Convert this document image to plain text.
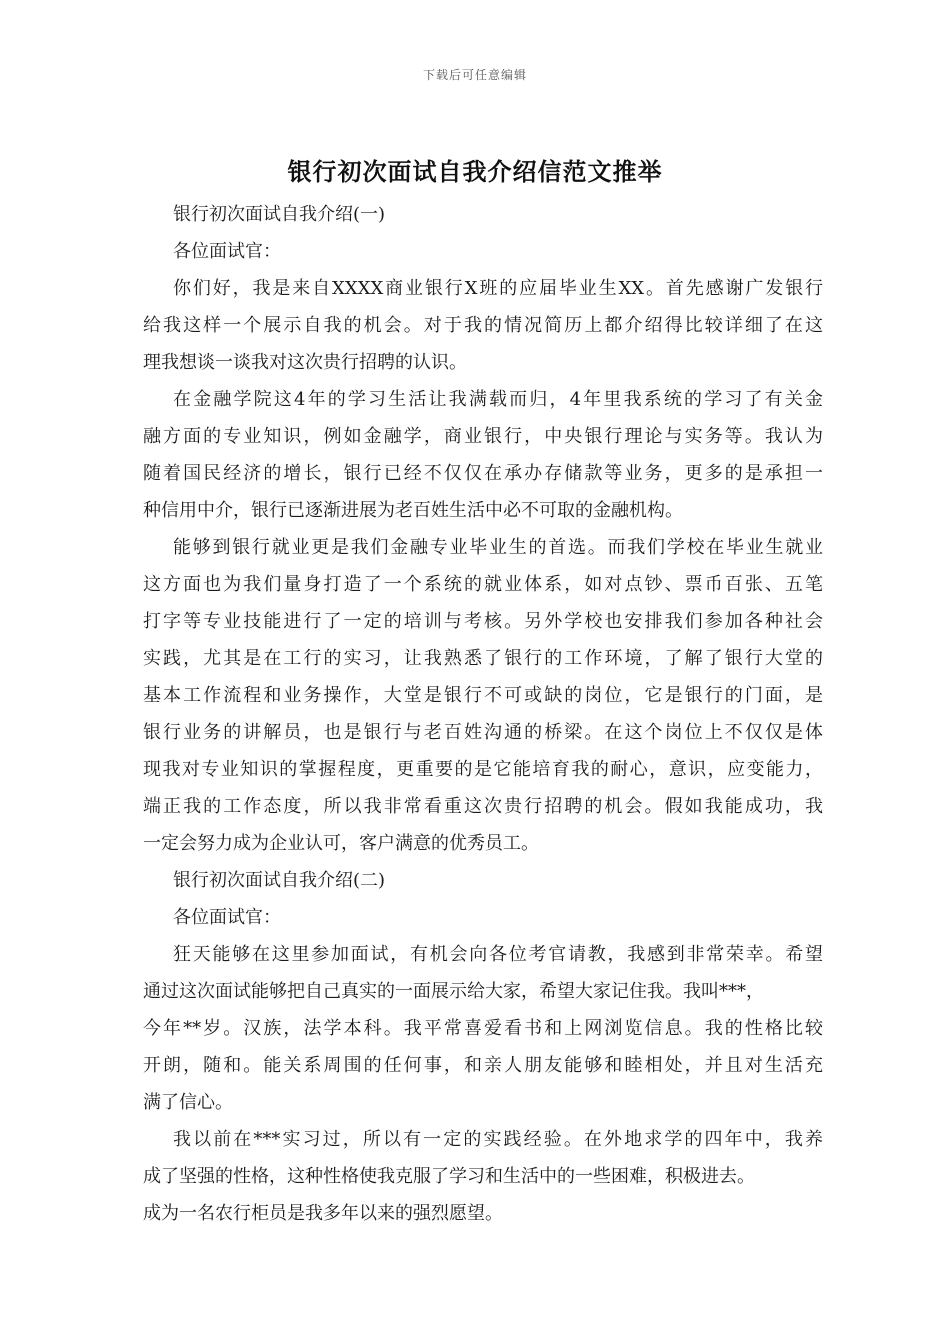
下载后可任意编辑
银行初次面试自我介绍信范文推举
银行初次面试自我介绍(一)
各位面试官：
你们好，我是来自XXXX商业银行X班的应届毕业生XX。首先感谢广发银行
给我这样一个展示自我的机会。对于我的情况简历上都介绍得比较详细了在这
理我想谈一谈我对这次贵行招聘的认识。
在金融学院这4年的学习生活让我满载而归，4年里我系统的学习了有关金
融方面的专业知识，例如金融学，商业银行，中央银行理论与实务等。我认为
随着国民经济的增长，银行已经不仅仅在承办存储款等业务，更多的是承担一
种信用中介，银行已逐渐进展为老百姓生活中必不可取的金融机构。
能够到银行就业更是我们金融专业毕业生的首选。而我们学校在毕业生就业
这方面也为我们量身打造了一个系统的就业体系，如对点钞、票币百张、五笔
打字等专业技能进行了一定的培训与考核。另外学校也安排我们参加各种社会
实践，尤其是在工行的实习，让我熟悉了银行的工作环境，了解了银行大堂的
基本工作流程和业务操作，大堂是银行不可或缺的岗位，它是银行的门面，是
银行业务的讲解员，也是银行与老百姓沟通的桥梁。在这个岗位上不仅仅是体
现我对专业知识的掌握程度，更重要的是它能培育我的耐心，意识，应变能力，
端正我的工作态度，所以我非常看重这次贵行招聘的机会。假如我能成功，我
一定会努力成为企业认可，客户满意的优秀员工。
银行初次面试自我介绍(二)
各位面试官：
狂天能够在这里参加面试，有机会向各位考官请教，我感到非常荣幸。希望
通过这次面试能够把自己真实的一面展示给大家，希望大家记住我。我叫***，
今年**岁。汉族，法学本科。我平常喜爱看书和上网浏览信息。我的性格比较
开朗，随和。能关系周围的任何事，和亲人朋友能够和睦相处，并且对生活充
满了信心。
我以前在***实习过，所以有一定的实践经验。在外地求学的四年中，我养
成了坚强的性格，这种性格使我克服了学习和生活中的一些困难，积极进去。
成为一名农行柜员是我多年以来的强烈愿望。
